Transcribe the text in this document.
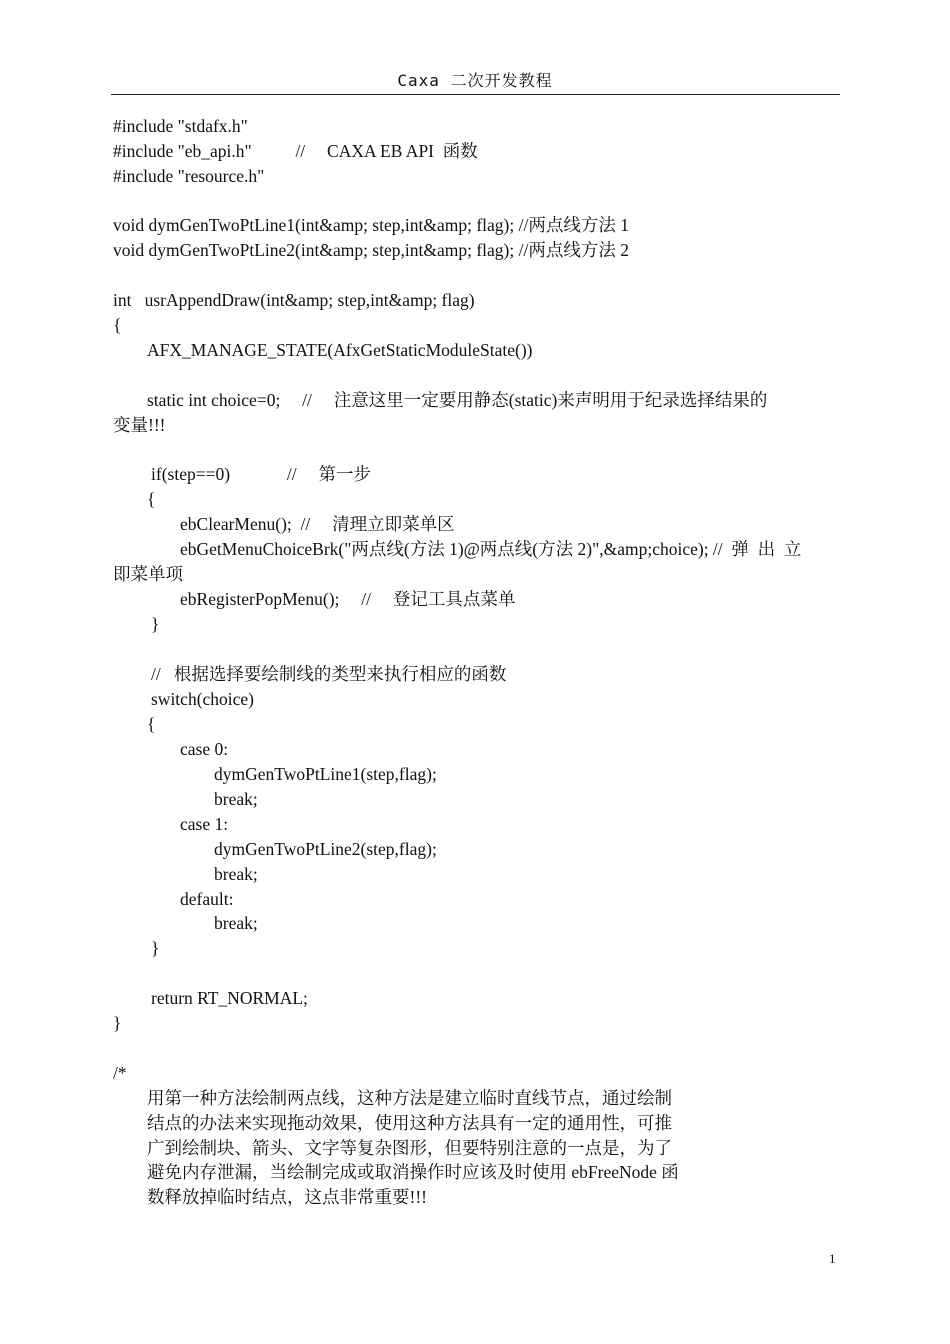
Caxa 二次开发教程
#include "stdafx.h"
#include "eb_api.h"          //     CAXA EB API  函数
#include "resource.h"
void dymGenTwoPtLine1(int&amp; step,int&amp; flag); //两点线方法 1
void dymGenTwoPtLine2(int&amp; step,int&amp; flag); //两点线方法 2
int   usrAppendDraw(int&amp; step,int&amp; flag)
{
AFX_MANAGE_STATE(AfxGetStaticModuleState())
static int choice=0;     //     注意这里一定要用静态(static)来声明用于纪录选择结果的
变量!!!
if(step==0)             //     第一步
{
ebClearMenu();  //     清理立即菜单区
ebGetMenuChoiceBrk("两点线(方法 1)@两点线(方法 2)",&amp;choice); //  弹  出  立
即菜单项
ebRegisterPopMenu();     //     登记工具点菜单
}
//   根据选择要绘制线的类型来执行相应的函数
switch(choice)
{
case 0:
dymGenTwoPtLine1(step,flag);
break;
case 1:
dymGenTwoPtLine2(step,flag);
break;
default:
break;
}
return RT_NORMAL;
}
/*
用第一种方法绘制两点线，这种方法是建立临时直线节点，通过绘制
结点的办法来实现拖动效果，使用这种方法具有一定的通用性，可推
广到绘制块、箭头、文字等复杂图形，但要特别注意的一点是，为了
避免内存泄漏，当绘制完成或取消操作时应该及时使用 ebFreeNode 函
数释放掉临时结点，这点非常重要!!!
1
